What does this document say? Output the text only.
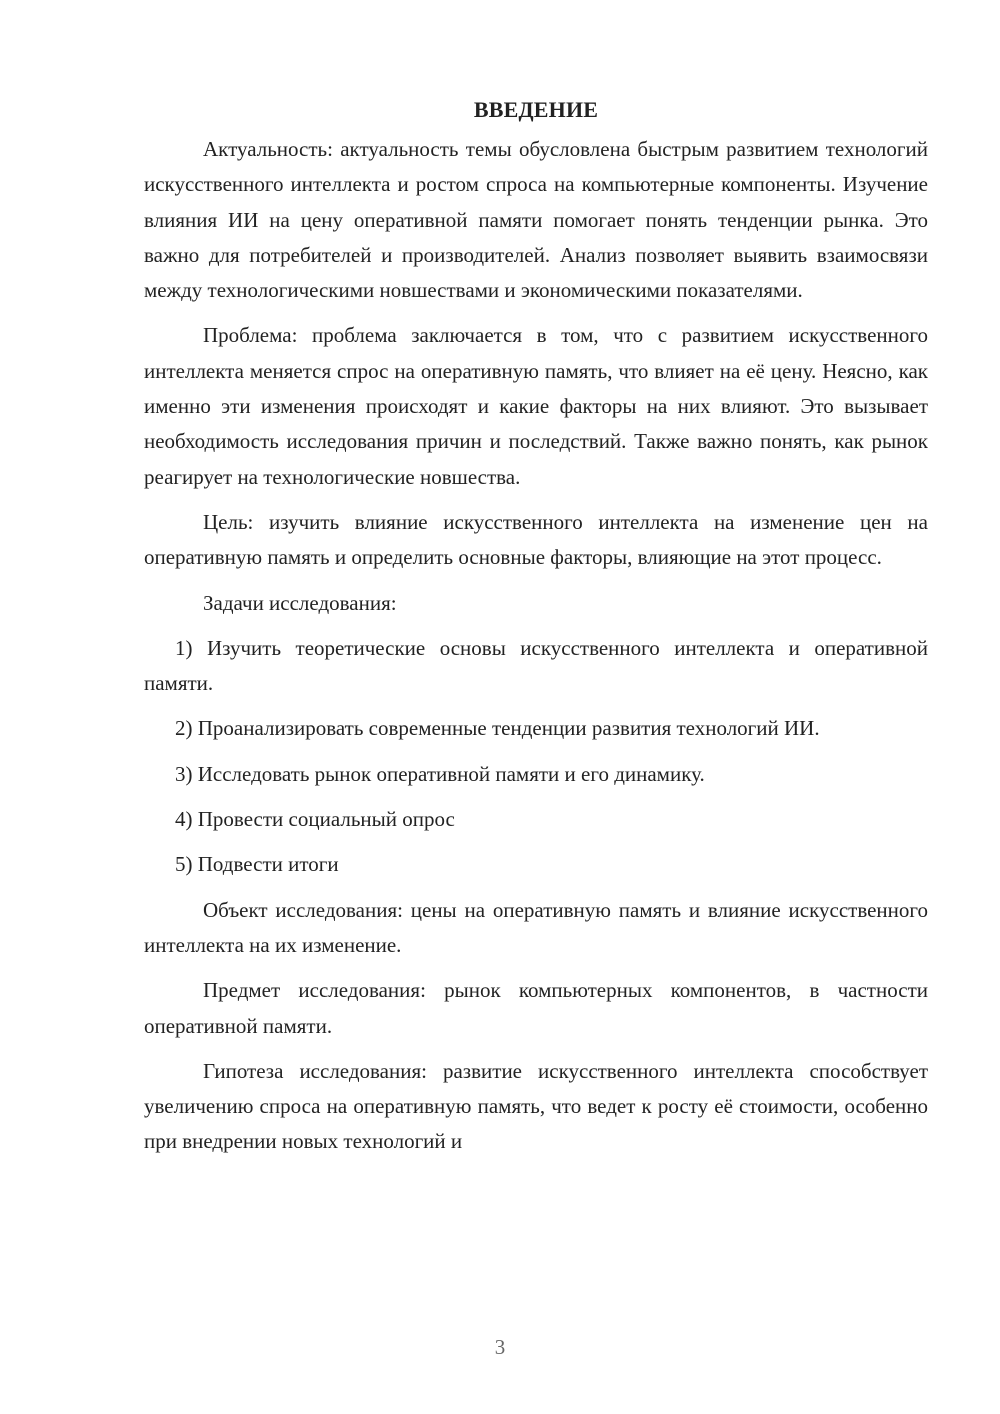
ВВЕДЕНИЕ

Актуальность: актуальность темы обусловлена быстрым развитием технологий искусственного интеллекта и ростом спроса на компьютерные компоненты. Изучение влияния ИИ на цену оперативной памяти помогает понять тенденции рынка. Это важно для потребителей и производителей. Анализ позволяет выявить взаимосвязи между технологическими новшествами и экономическими показателями.

Проблема: проблема заключается в том, что с развитием искусственного интеллекта меняется спрос на оперативную память, что влияет на её цену. Неясно, как именно эти изменения происходят и какие факторы на них влияют. Это вызывает необходимость исследования причин и последствий. Также важно понять, как рынок реагирует на технологические новшества.

Цель: изучить влияние искусственного интеллекта на изменение цен на оперативную память и определить основные факторы, влияющие на этот процесс.

Задачи исследования:

1) Изучить теоретические основы искусственного интеллекта и оперативной памяти.

2) Проанализировать современные тенденции развития технологий ИИ.

3) Исследовать рынок оперативной памяти и его динамику.

4) Провести социальный опрос

5) Подвести итоги

Объект исследования: цены на оперативную память и влияние искусственного интеллекта на их изменение.

Предмет исследования: рынок компьютерных компонентов, в частности оперативной памяти.

Гипотеза исследования: развитие искусственного интеллекта способствует увеличению спроса на оперативную память, что ведет к росту её стоимости, особенно при внедрении новых технологий и

3
